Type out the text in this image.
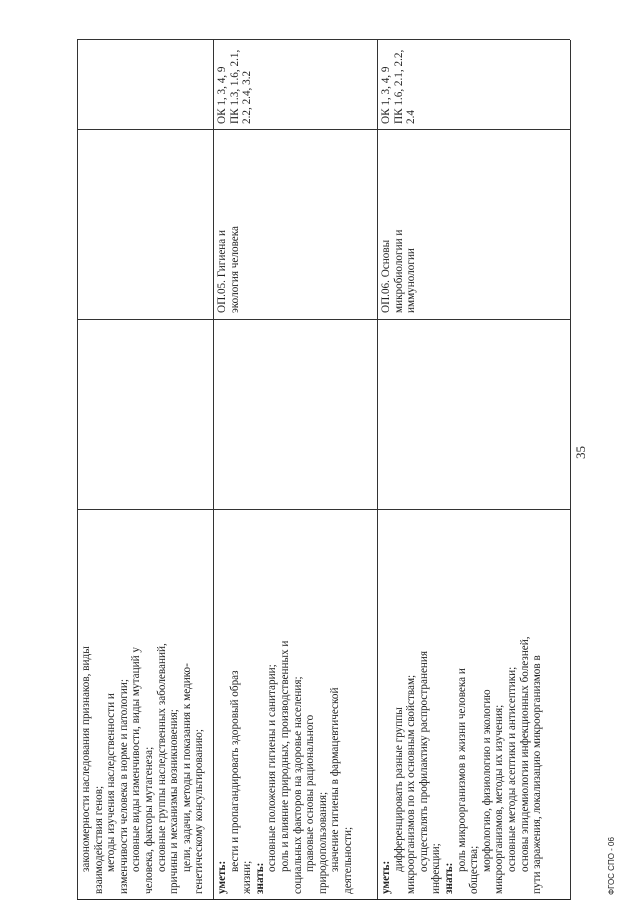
закономерности наследования признаков, виды взаимодействия генов; методы изучения наследственности и изменчивости человека в норме и патологии; основные виды изменчивости, виды мутаций у человека, факторы мутагенеза; основные группы наследственных заболеваний, причины и механизмы возникновения; цели, задачи, методы и показания к медико- генетическому консультированию; уметь:
вести и пропагандировать здоровый образ
жизни; знать:
основные положения гигиены и санитарии; роль и влияние природных, производственных и социальных факторов на здоровье населения; правовые основы рационального природопользования; значение гигиены в фармацевтической деятельности;
ОП.05. Гигиена и экология человека
ОК 1, 3, 4, 9 ПК 1.3, 1.6, 2.1, 2.2, 2.4, 3.2
уметь:
дифференцировать разные группы микроорганизмов по их основным свойствам; осуществлять профилактику распространения инфекции; знать:
роль микроорганизмов в жизни человека и общества; морфологию, физиологию и экологию микроорганизмов, методы их изучения; основные методы асептики и антисептики; основы эпидемиологии инфекционных болезней, пути заражения, локализацию микроорганизмов в
ОП.06. Основы микробиологии и иммунологии
ОК 1, 3, 4, 9 ПК 1.6, 2.1, 2.2, 2.4
35
ФГОС СПО - 06
